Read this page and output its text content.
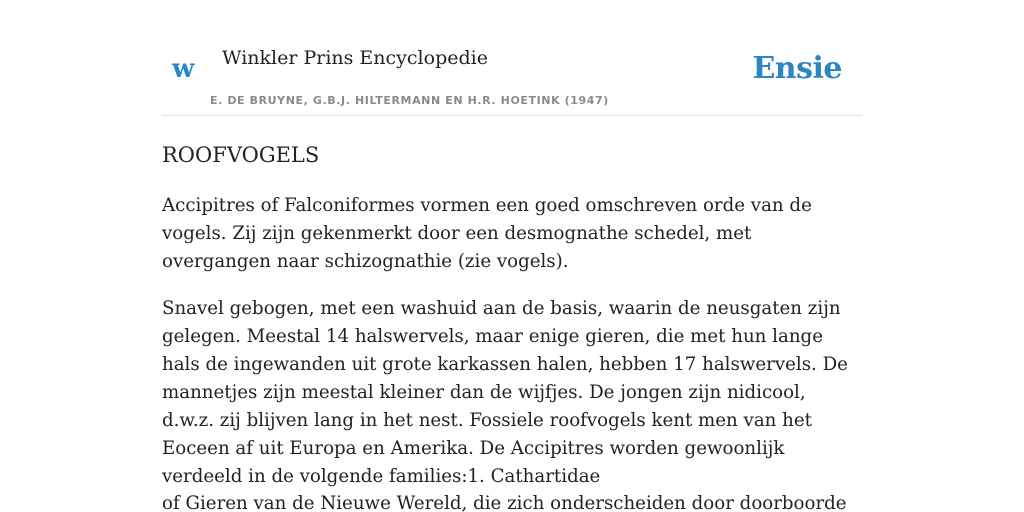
w Winkler Prins Encyclopedie	Ensie
E. DE BRUYNE, G.B.J. HILTERMANN EN H.R. HOETINK (1947)
ROOFVOGELS

Accipitres of Falconiformes vormen een goed omschreven orde van de vogels. Zij zijn gekenmerkt door een desmognathe schedel, met overgangen naar schizognathie (zie vogels).

Snavel gebogen, met een washuid aan de basis, waarin de neusgaten zijn gelegen. Meestal 14 halswervels, maar enige gieren, die met hun lange hals de ingewanden uit grote karkassen halen, hebben 17 halswervels. De mannetjes zijn meestal kleiner dan de wijfjes. De jongen zijn nidicool, d.w.z. zij blijven lang in het nest. Fossiele roofvogels kent men van het Eoceen af uit Europa en Amerika. De Accipitres worden gewoonlijk verdeeld in de volgende families:1. Cathartidae

of Gieren van de Nieuwe Wereld, die zich onderscheiden door doorboorde
